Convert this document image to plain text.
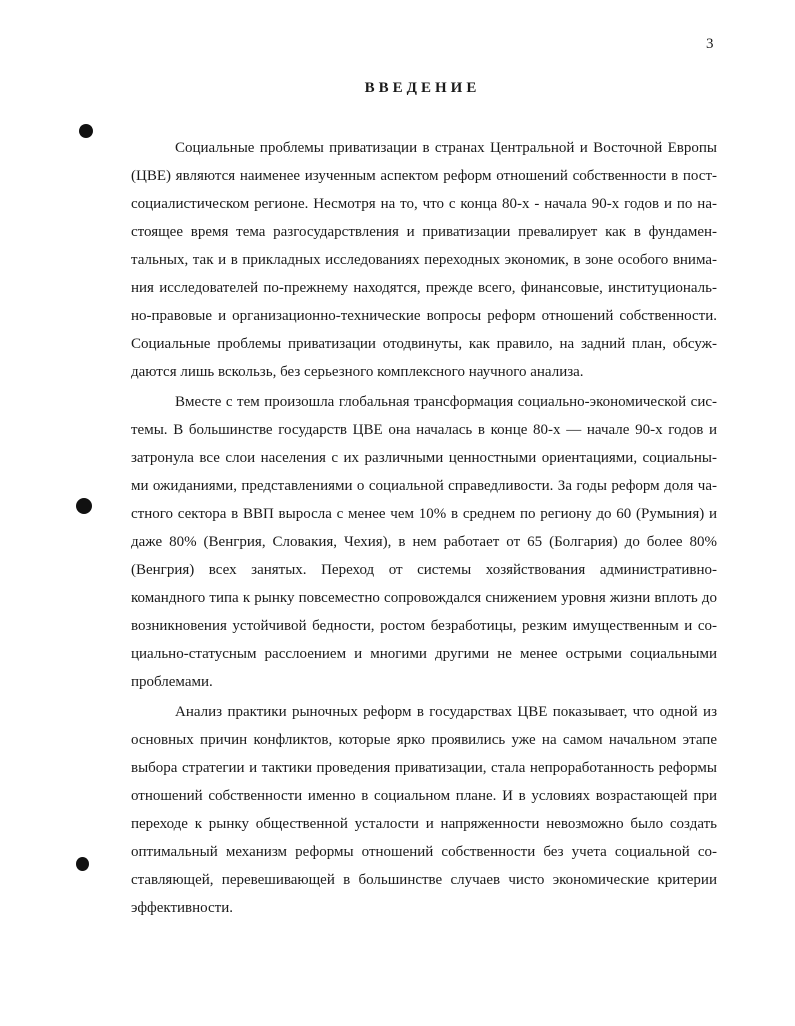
3
ВВЕДЕНИЕ
Социальные проблемы приватизации в странах Центральной и Восточной Европы
(ЦВЕ) являются наименее изученным аспектом реформ отношений собственности в пост-
социалистическом регионе. Несмотря на то, что с конца 80-х - начала 90-х годов и по на-
стоящее время тема разгосударствления и приватизации превалирует как в фундамен-
тальных, так и в прикладных исследованиях переходных экономик, в зоне особого внима-
ния исследователей по-прежнему находятся, прежде всего, финансовые, институциональ-
но-правовые и организационно-технические вопросы реформ отношений собственности.
Социальные проблемы приватизации отодвинуты, как правило, на задний план, обсуж-
даются лишь вскользь, без серьезного комплексного научного анализа.
Вместе с тем произошла глобальная трансформация социально-экономической сис-
темы. В большинстве государств ЦВЕ она началась в конце 80-х — начале 90-х годов и
затронула все слои населения с их различными ценностными ориентациями, социальны-
ми ожиданиями, представлениями о социальной справедливости. За годы реформ доля ча-
стного сектора в ВВП выросла с менее чем 10% в среднем по региону до 60 (Румыния) и
даже 80% (Венгрия, Словакия, Чехия), в нем работает от 65 (Болгария) до более 80%
(Венгрия) всех занятых. Переход от системы хозяйствования административно-
командного типа к рынку повсеместно сопровождался снижением уровня жизни вплоть до
возникновения устойчивой бедности, ростом безработицы, резким имущественным и со-
циально-статусным расслоением и многими другими не менее острыми социальными
проблемами.
Анализ практики рыночных реформ в государствах ЦВЕ показывает, что одной из
основных причин конфликтов, которые ярко проявились уже на самом начальном этапе
выбора стратегии и тактики проведения приватизации, стала непроработанность реформы
отношений собственности именно в социальном плане. И в условиях возрастающей при
переходе к рынку общественной усталости и напряженности невозможно было создать
оптимальный механизм реформы отношений собственности без учета социальной со-
ставляющей, перевешивающей в большинстве случаев чисто экономические критерии
эффективности.
